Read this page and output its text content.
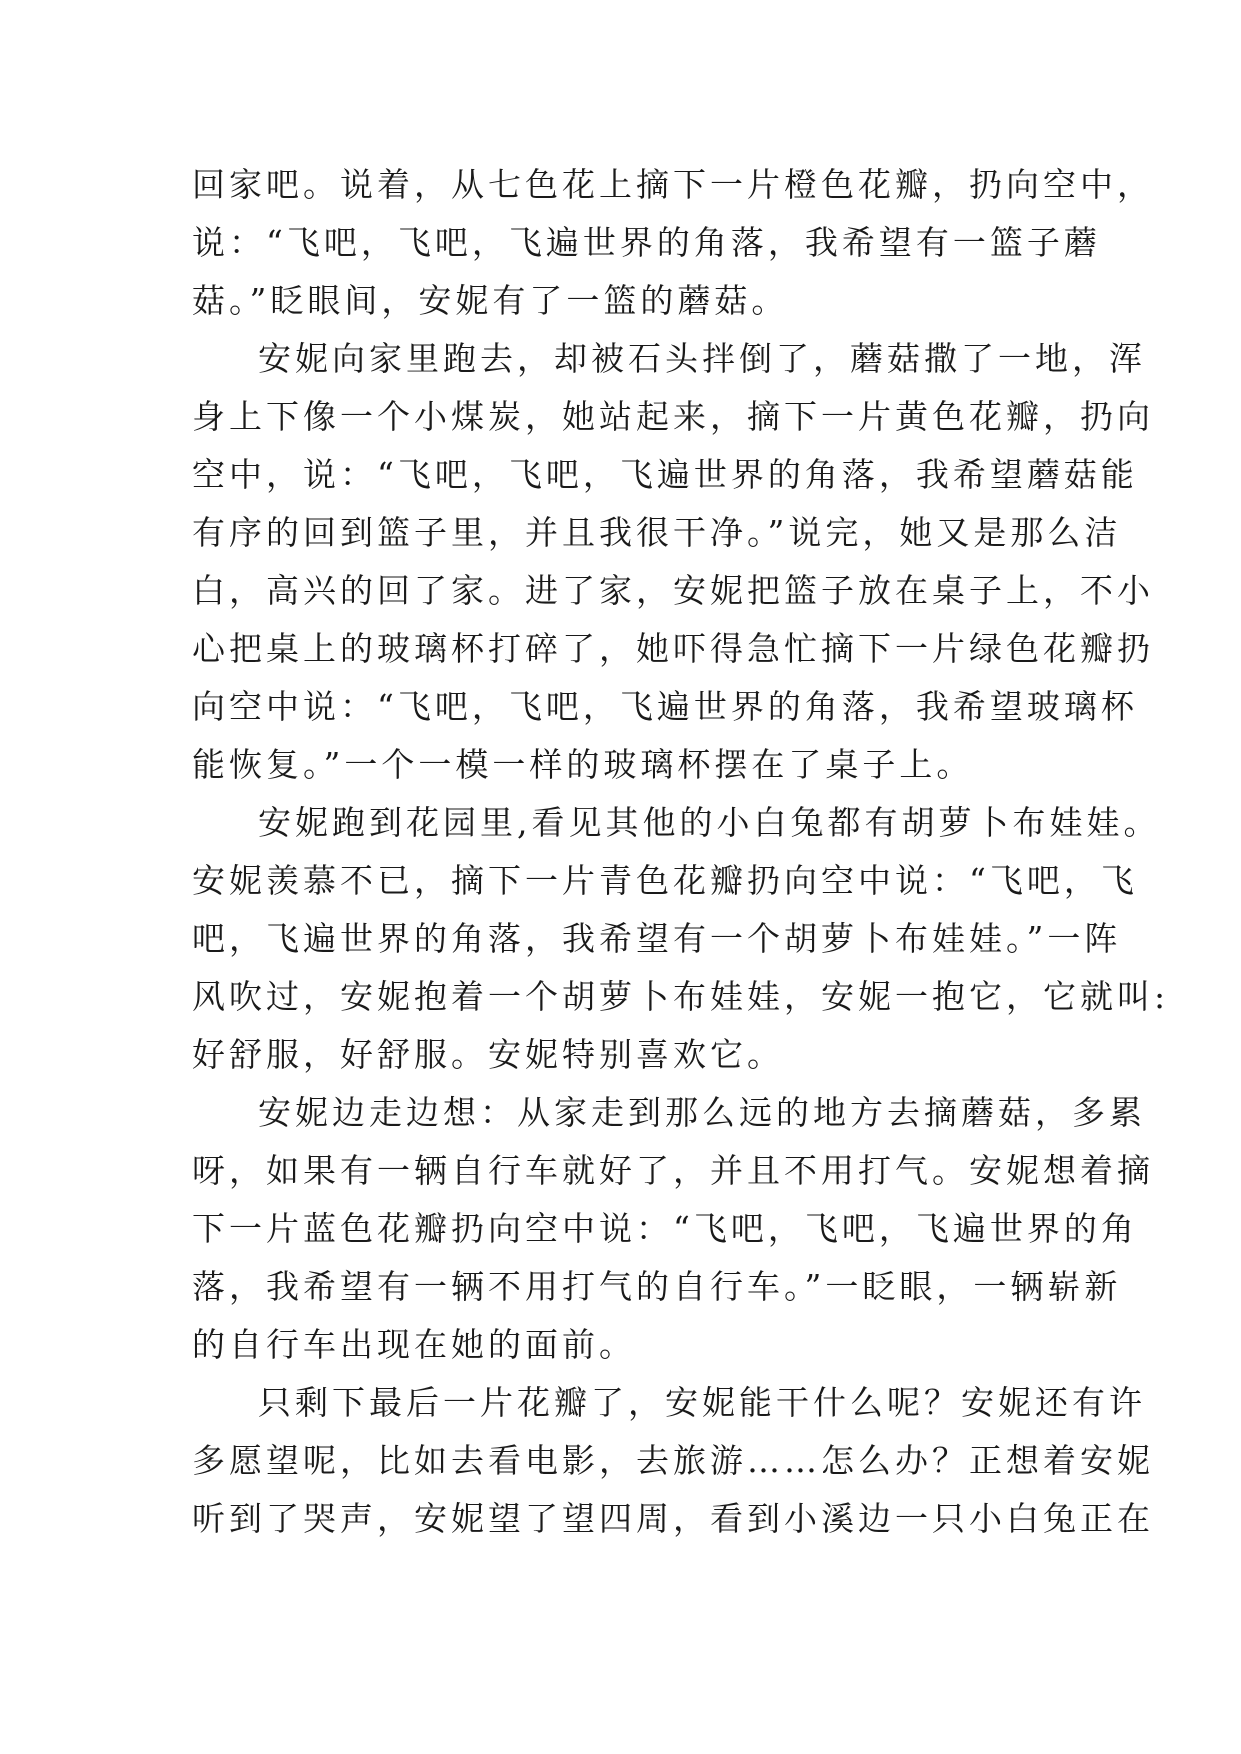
回家吧。说着，从七色花上摘下一片橙色花瓣，扔向空中，
说：“飞吧，飞吧，飞遍世界的角落，我希望有一篮子蘑
菇。”眨眼间，安妮有了一篮的蘑菇。

安妮向家里跑去，却被石头拌倒了，蘑菇撒了一地，浑
身上下像一个小煤炭，她站起来，摘下一片黄色花瓣，扔向
空中，说：“飞吧，飞吧，飞遍世界的角落，我希望蘑菇能
有序的回到篮子里，并且我很干净。”说完，她又是那么洁
白，高兴的回了家。进了家，安妮把篮子放在桌子上，不小
心把桌上的玻璃杯打碎了，她吓得急忙摘下一片绿色花瓣扔
向空中说：“飞吧，飞吧，飞遍世界的角落，我希望玻璃杯
能恢复。”一个一模一样的玻璃杯摆在了桌子上。

安妮跑到花园里,看见其他的小白兔都有胡萝卜布娃娃。
安妮羡慕不已，摘下一片青色花瓣扔向空中说：“飞吧，飞
吧，飞遍世界的角落，我希望有一个胡萝卜布娃娃。”一阵
风吹过，安妮抱着一个胡萝卜布娃娃，安妮一抱它，它就叫:
好舒服，好舒服。安妮特别喜欢它。

安妮边走边想：从家走到那么远的地方去摘蘑菇，多累
呀，如果有一辆自行车就好了，并且不用打气。安妮想着摘
下一片蓝色花瓣扔向空中说：“飞吧，飞吧，飞遍世界的角
落，我希望有一辆不用打气的自行车。”一眨眼，一辆崭新
的自行车出现在她的面前。

只剩下最后一片花瓣了，安妮能干什么呢？安妮还有许
多愿望呢，比如去看电影，去旅游……怎么办？正想着安妮
听到了哭声，安妮望了望四周，看到小溪边一只小白兔正在
